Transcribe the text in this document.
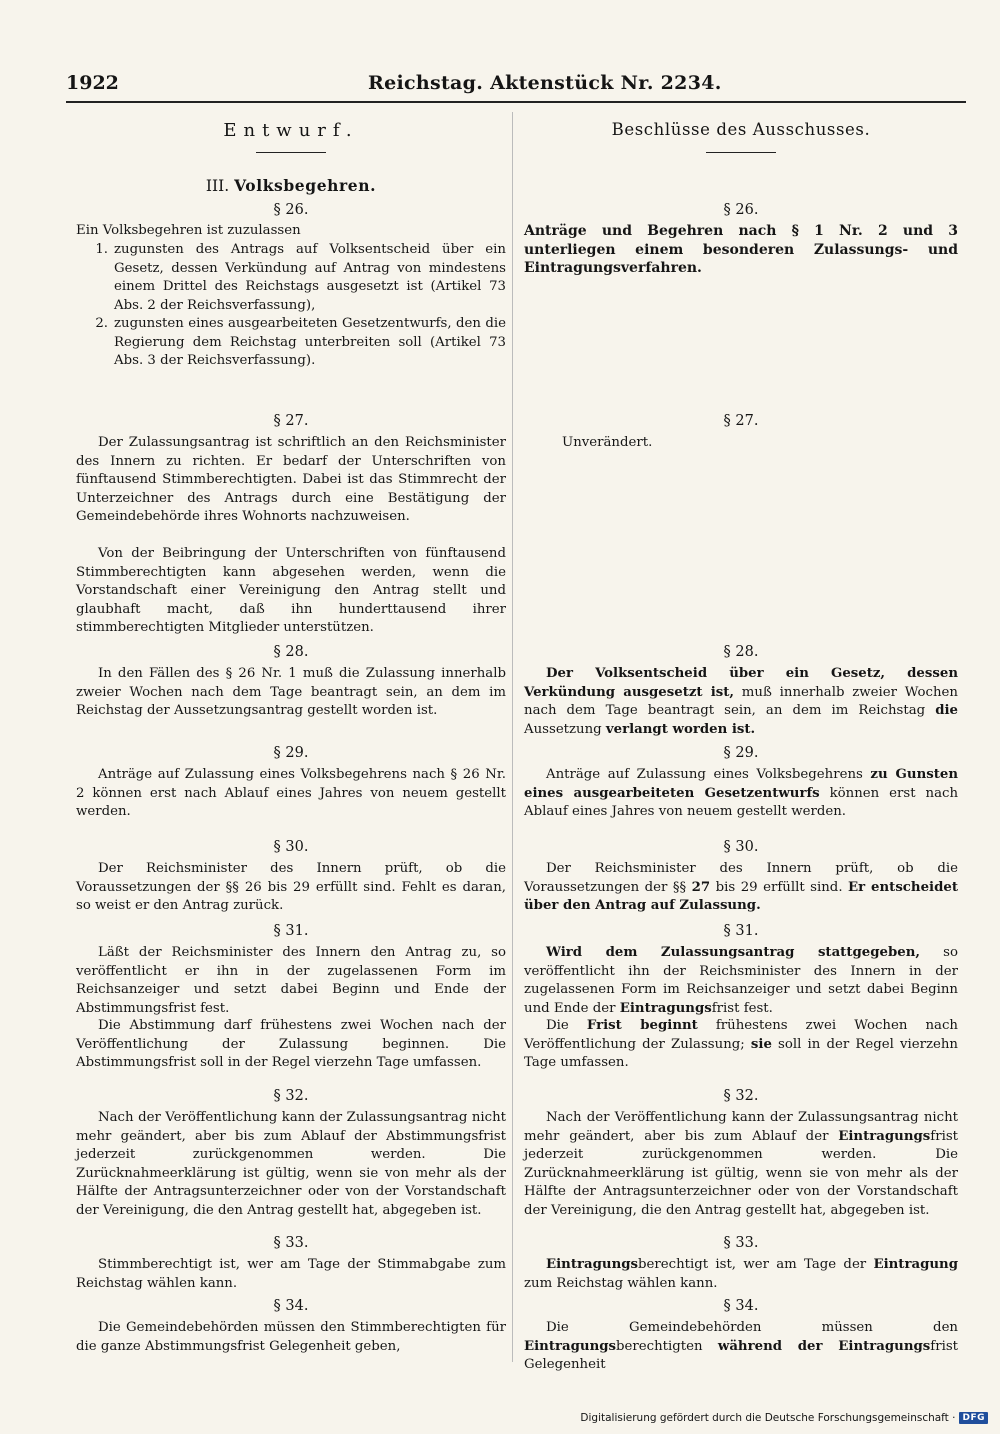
1922	Reichstag. Aktenstück Nr. 2234.
Entwurf.
III. Volksbegehren.
§ 26.
Ein Volksbegehren ist zuzulassen
1. zugunsten des Antrags auf Volksentscheid über ein Gesetz, dessen Verkündung auf Antrag von mindestens einem Drittel des Reichstags ausgesetzt ist (Artikel 73 Abs. 2 der Reichsverfassung),
2. zugunsten eines ausgearbeiteten Gesetzentwurfs, den die Regierung dem Reichstag unterbreiten soll (Artikel 73 Abs. 3 der Reichsverfassung).
§ 27.
Der Zulassungsantrag ist schriftlich an den Reichsminister des Innern zu richten. Er bedarf der Unterschriften von fünftausend Stimmberechtigten. Dabei ist das Stimmrecht der Unterzeichner des Antrags durch eine Bestätigung der Gemeindebehörde ihres Wohnorts nachzuweisen.
Von der Beibringung der Unterschriften von fünftausend Stimmberechtigten kann abgesehen werden, wenn die Vorstandschaft einer Vereinigung den Antrag stellt und glaubhaft macht, daß ihn hunderttausend ihrer stimmberechtigten Mitglieder unterstützen.
§ 28.
In den Fällen des § 26 Nr. 1 muß die Zulassung innerhalb zweier Wochen nach dem Tage beantragt sein, an dem im Reichstag der Aussetzungsantrag gestellt worden ist.
§ 29.
Anträge auf Zulassung eines Volksbegehrens nach § 26 Nr. 2 können erst nach Ablauf eines Jahres von neuem gestellt werden.
§ 30.
Der Reichsminister des Innern prüft, ob die Voraussetzungen der §§ 26 bis 29 erfüllt sind. Fehlt es daran, so weist er den Antrag zurück.
§ 31.
Läßt der Reichsminister des Innern den Antrag zu, so veröffentlicht er ihn in der zugelassenen Form im Reichsanzeiger und setzt dabei Beginn und Ende der Abstimmungsfrist fest.
Die Abstimmung darf frühestens zwei Wochen nach der Veröffentlichung der Zulassung beginnen. Die Abstimmungsfrist soll in der Regel vierzehn Tage umfassen.
§ 32.
Nach der Veröffentlichung kann der Zulassungsantrag nicht mehr geändert, aber bis zum Ablauf der Abstimmungsfrist jederzeit zurückgenommen werden. Die Zurücknahmeerklärung ist gültig, wenn sie von mehr als der Hälfte der Antragsunterzeichner oder von der Vorstandschaft der Vereinigung, die den Antrag gestellt hat, abgegeben ist.
§ 33.
Stimmberechtigt ist, wer am Tage der Stimmabgabe zum Reichstag wählen kann.
§ 34.
Die Gemeindebehörden müssen den Stimmberechtigten für die ganze Abstimmungsfrist Gelegenheit geben,
Beschlüsse des Ausschusses.
§ 26.
Anträge und Begehren nach § 1 Nr. 2 und 3 unterliegen einem besonderen Zulassungs- und Eintragungsverfahren.
§ 27.
Unverändert.
§ 28.
Der Volksentscheid über ein Gesetz, dessen Verkündung ausgesetzt ist, muß innerhalb zweier Wochen nach dem Tage beantragt sein, an dem im Reichstag die Aussetzung verlangt worden ist.
§ 29.
Anträge auf Zulassung eines Volksbegehrens zu Gunsten eines ausgearbeiteten Gesetzentwurfs können erst nach Ablauf eines Jahres von neuem gestellt werden.
§ 30.
Der Reichsminister des Innern prüft, ob die Voraussetzungen der §§ 27 bis 29 erfüllt sind. Er entscheidet über den Antrag auf Zulassung.
§ 31.
Wird dem Zulassungsantrag stattgegeben, so veröffentlicht ihn der Reichsminister des Innern in der zugelassenen Form im Reichsanzeiger und setzt dabei Beginn und Ende der Eintragungsfrist fest.
Die Frist beginnt frühestens zwei Wochen nach Veröffentlichung der Zulassung; sie soll in der Regel vierzehn Tage umfassen.
§ 32.
Nach der Veröffentlichung kann der Zulassungsantrag nicht mehr geändert, aber bis zum Ablauf der Eintragungsfrist jederzeit zurückgenommen werden. Die Zurücknahmeerklärung ist gültig, wenn sie von mehr als der Hälfte der Antragsunterzeichner oder von der Vorstandschaft der Vereinigung, die den Antrag gestellt hat, abgegeben ist.
§ 33.
Eintragungsberechtigt ist, wer am Tage der Eintragung zum Reichstag wählen kann.
§ 34.
Die Gemeindebehörden müssen den Eintragungsberechtigten während der Eintragungsfrist Gelegenheit
Digitalisierung gefördert durch die Deutsche Forschungsgemeinschaft · DFG
